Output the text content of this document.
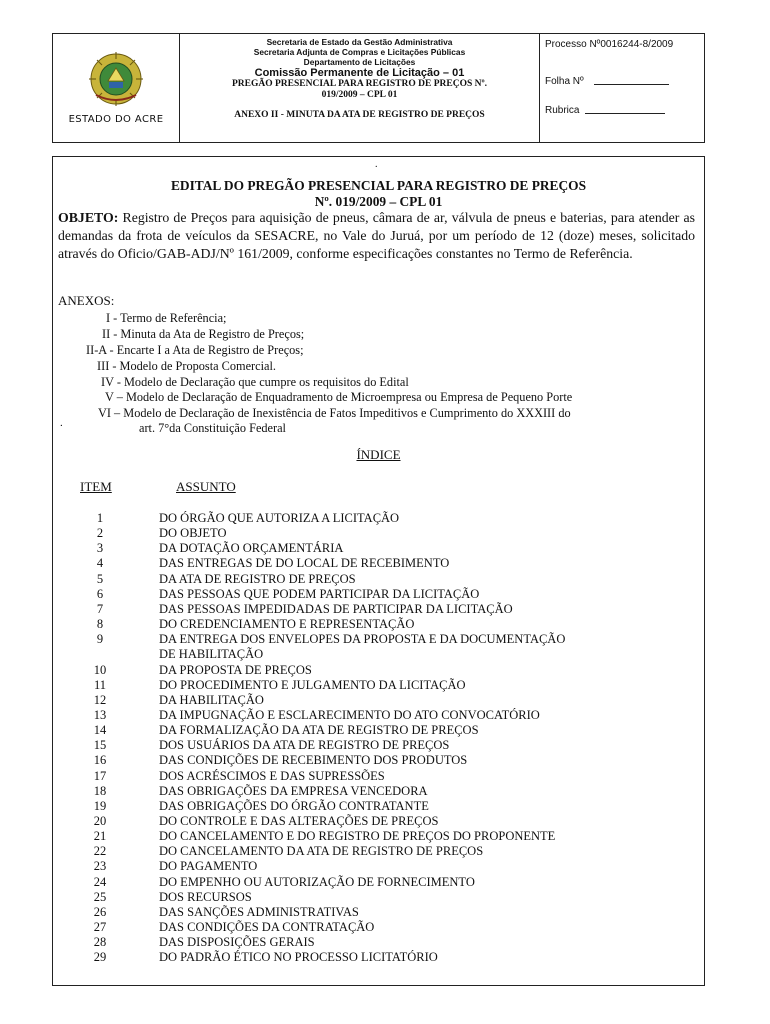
ESTADO DO ACRE
Secretaria de Estado da Gestão Administrativa
Secretaria Adjunta de Compras e Licitações Públicas
Departamento de Licitações
Comissão Permanente de Licitação – 01
PREGÃO PRESENCIAL PARA REGISTRO DE PREÇOS Nº.
019/2009 – CPL 01
ANEXO II - MINUTA DA ATA DE REGISTRO DE PREÇOS
Processo Nº0016244-8/2009
Folha Nº
Rubrica
.
EDITAL DO PREGÃO PRESENCIAL PARA REGISTRO DE PREÇOS
Nº. 019/2009 – CPL 01
OBJETO: Registro de Preços para aquisição de pneus, câmara de ar, válvula de pneus e baterias, para atender as demandas da frota de veículos da SESACRE, no Vale do Juruá, por um período de 12 (doze) meses, solicitado através do Oficio/GAB-ADJ/Nº 161/2009, conforme especificações constantes no Termo de Referência.
ANEXOS:
I - Termo de Referência;
II - Minuta da Ata de Registro de Preços;
II-A - Encarte I a Ata de Registro de Preços;
III - Modelo de Proposta Comercial.
IV - Modelo de Declaração que cumpre os requisitos do Edital
V – Modelo de Declaração de Enquadramento de Microempresa ou Empresa de Pequeno Porte
VI – Modelo de Declaração de Inexistência de Fatos Impeditivos e Cumprimento do XXXIII do
.	art. 7°da Constituição Federal
ÍNDICE
ITEM	ASSUNTO
1	DO ÓRGÃO QUE AUTORIZA A LICITAÇÃO
2	DO OBJETO
3	DA DOTAÇÃO ORÇAMENTÁRIA
4	DAS ENTREGAS DE DO LOCAL DE RECEBIMENTO
5	DA ATA DE REGISTRO DE PREÇOS
6	DAS PESSOAS QUE PODEM PARTICIPAR DA LICITAÇÃO
7	DAS PESSOAS IMPEDIDADAS DE PARTICIPAR DA LICITAÇÃO
8	DO CREDENCIAMENTO E REPRESENTAÇÃO
9	DA ENTREGA DOS ENVELOPES DA PROPOSTA E DA DOCUMENTAÇÃO
DE HABILITAÇÃO
10	DA PROPOSTA DE PREÇOS
11	DO PROCEDIMENTO E JULGAMENTO DA LICITAÇÃO
12	DA HABILITAÇÃO
13	DA IMPUGNAÇÃO E ESCLARECIMENTO DO ATO CONVOCATÓRIO
14	DA FORMALIZAÇÃO DA ATA DE REGISTRO DE PREÇOS
15	DOS USUÁRIOS DA ATA DE REGISTRO DE PREÇOS
16	DAS CONDIÇÕES DE RECEBIMENTO DOS PRODUTOS
17	DOS ACRÉSCIMOS E DAS SUPRESSÕES
18	DAS OBRIGAÇÕES DA EMPRESA VENCEDORA
19	DAS OBRIGAÇÕES DO ÓRGÃO CONTRATANTE
20	DO CONTROLE E DAS ALTERAÇÕES DE PREÇOS
21	DO CANCELAMENTO E DO REGISTRO DE PREÇOS DO PROPONENTE
22	DO CANCELAMENTO DA ATA DE REGISTRO DE PREÇOS
23	DO PAGAMENTO
24	DO EMPENHO OU AUTORIZAÇÃO DE FORNECIMENTO
25	DOS RECURSOS
26	DAS SANÇÕES ADMINISTRATIVAS
27	DAS CONDIÇÕES DA CONTRATAÇÃO
28	DAS DISPOSIÇÕES GERAIS
29	DO PADRÃO ÉTICO NO PROCESSO LICITATÓRIO
